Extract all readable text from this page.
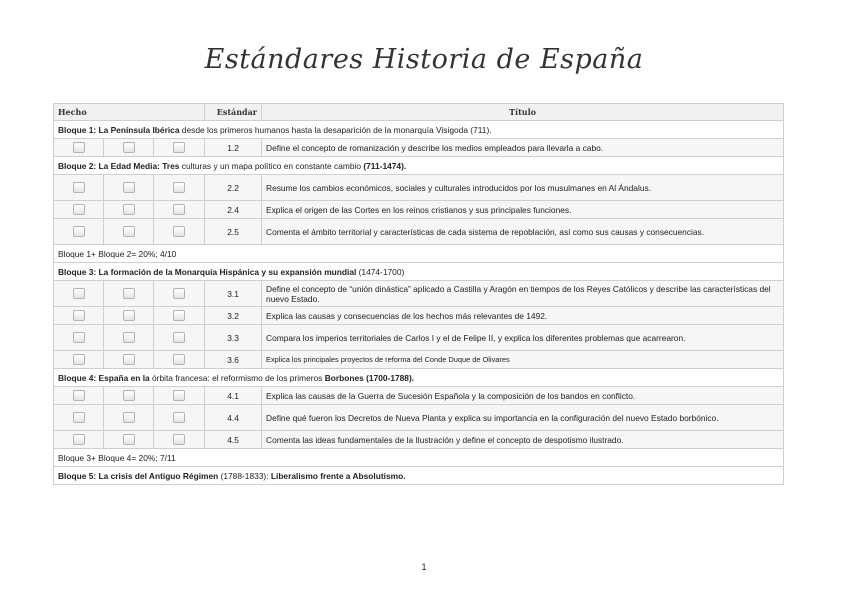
Estándares Historia de España
Hecho			Estándar	Título
Bloque 1: La Península Ibérica desde los primeros humanos hasta la desaparición de la monarquía Visigoda (711).				
			1.2	Define el concepto de romanización y describe los medios empleados para llevarla a cabo.
Bloque 2: La Edad Media: Tres culturas y un mapa político en constante cambio (711-1474).				
			2.2	Resume los cambios económicos, sociales y culturales introducidos por los musulmanes en Al Ándalus.
			2.4	Explica el origen de las Cortes en los reinos cristianos y sus principales funciones.
			2.5	Comenta el ámbito territorial y características de cada sistema de repoblación, así como sus causas y consecuencias.
Bloque 1+ Bloque 2= 20%; 4/10				
Bloque 3: La formación de la Monarquía Hispánica y su expansión mundial (1474-1700)				
			3.1	Define el concepto de “unión dinástica” aplicado a Castilla y Aragón en tiempos de los Reyes Católicos y describe las características del nuevo Estado.
			3.2	Explica las causas y consecuencias de los hechos más relevantes de 1492.
			3.3	Compara los imperios territoriales de Carlos I y el de Felipe II, y explica los diferentes problemas que acarrearon.
			3.6	Explica los principales proyectos de reforma del Conde Duque de Olivares
Bloque 4: España en la órbita francesa: el reformismo de los primeros Borbones (1700-1788).				
			4.1	Explica las causas de la Guerra de Sucesión Española y la composición de los bandos en conflicto.
			4.4	Define qué fueron los Decretos de Nueva Planta y explica su importancia en la configuración del nuevo Estado borbónico.
			4.5	Comenta las ideas fundamentales de la Ilustración y define el concepto de despotismo ilustrado.
Bloque 3+ Bloque 4= 20%; 7/11				
Bloque 5: La crisis del Antiguo Régimen (1788-1833): Liberalismo frente a Absolutismo.				
1
